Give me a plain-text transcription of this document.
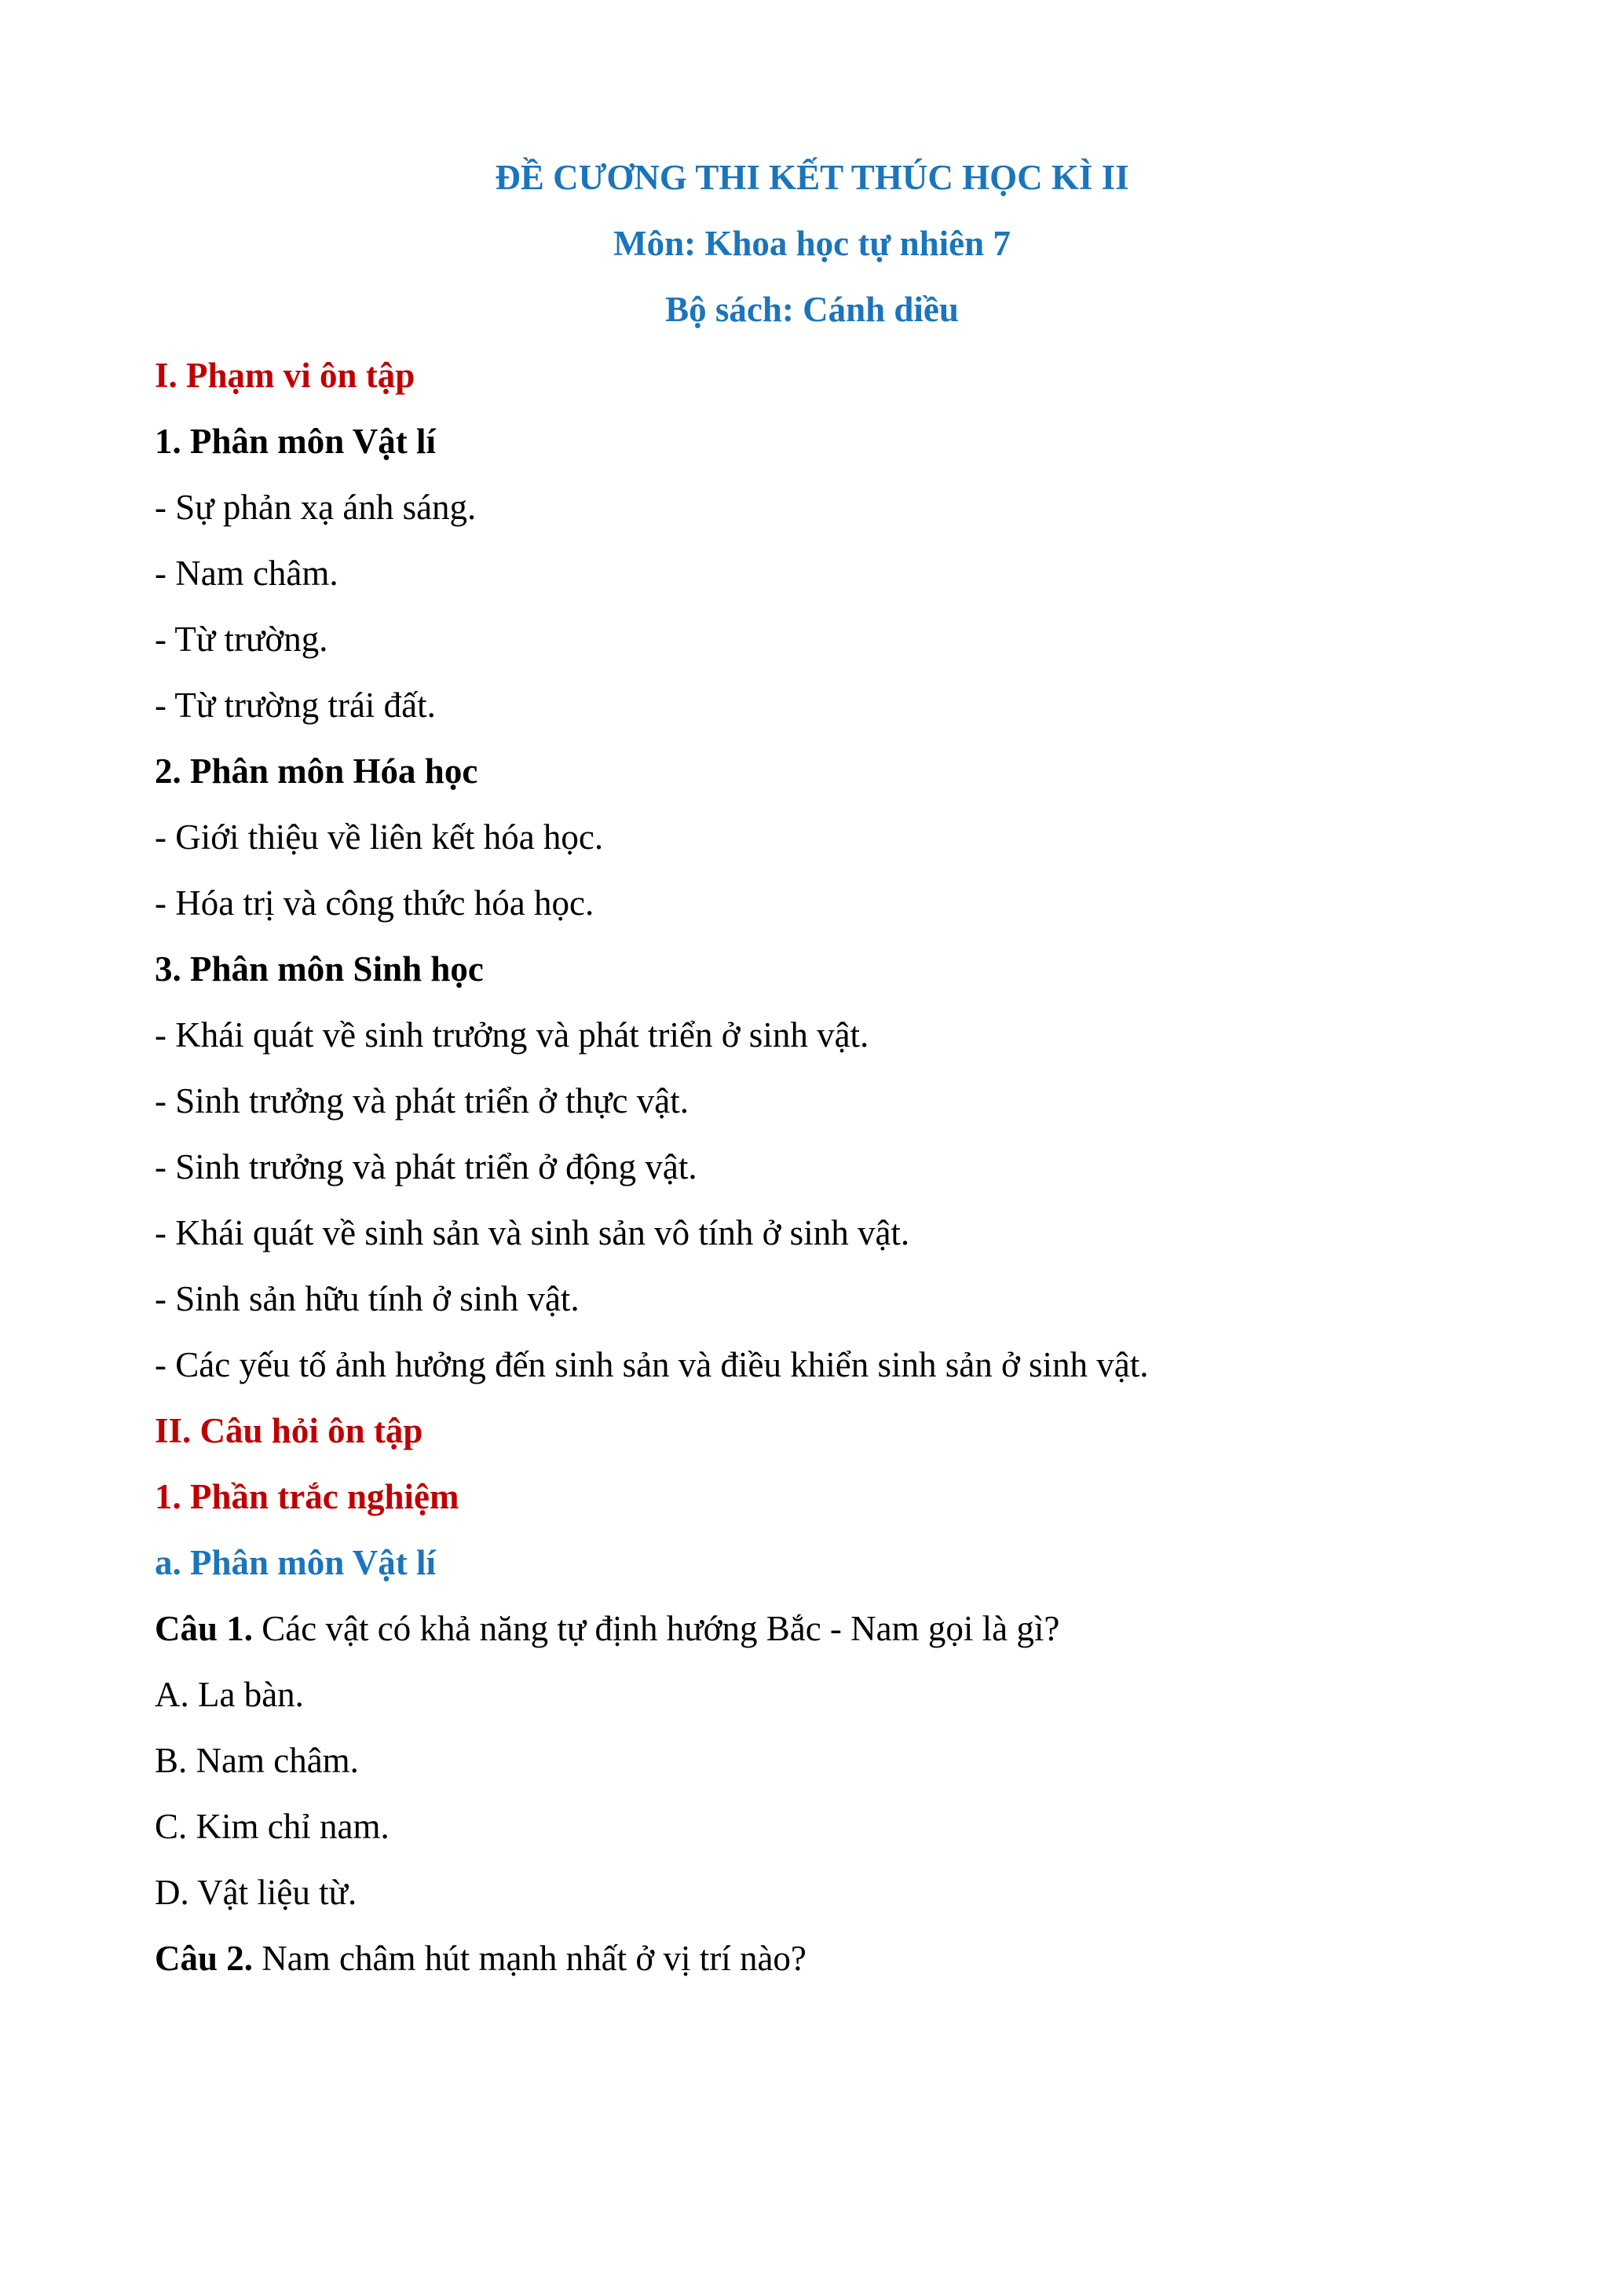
ĐỀ CƯƠNG THI KẾT THÚC HỌC KÌ II
Môn: Khoa học tự nhiên 7
Bộ sách: Cánh diều
I. Phạm vi ôn tập
1. Phân môn Vật lí
- Sự phản xạ ánh sáng.
- Nam châm.
- Từ trường.
- Từ trường trái đất.
2. Phân môn Hóa học
- Giới thiệu về liên kết hóa học.
- Hóa trị và công thức hóa học.
3. Phân môn Sinh học
- Khái quát về sinh trưởng và phát triển ở sinh vật.
- Sinh trưởng và phát triển ở thực vật.
- Sinh trưởng và phát triển ở động vật.
- Khái quát về sinh sản và sinh sản vô tính ở sinh vật.
- Sinh sản hữu tính ở sinh vật.
- Các yếu tố ảnh hưởng đến sinh sản và điều khiển sinh sản ở sinh vật.
II. Câu hỏi ôn tập
1. Phần trắc nghiệm
a. Phân môn Vật lí
Câu 1. Các vật có khả năng tự định hướng Bắc - Nam gọi là gì?
A. La bàn.
B. Nam châm.
C. Kim chỉ nam.
D. Vật liệu từ.
Câu 2. Nam châm hút mạnh nhất ở vị trí nào?
